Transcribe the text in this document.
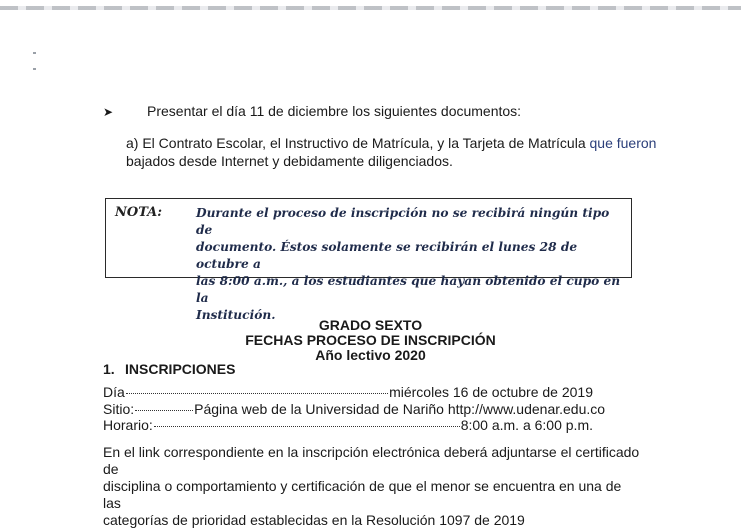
➤	Presentar el día 11 de diciembre los siguientes documentos:
a) El Contrato Escolar, el Instructivo de Matrícula, y la Tarjeta de Matrícula que fueron
bajados desde Internet y debidamente diligenciados.
NOTA:	Durante el proceso de inscripción no se recibirá ningún tipo de
documento. Éstos solamente se recibirán el lunes 28 de octubre a
las 8:00 a.m., a los estudiantes que hayan obtenido el cupo en la
Institución.
GRADO SEXTO
FECHAS PROCESO DE INSCRIPCIÓN
Año lectivo 2020
1. INSCRIPCIONES
Día	miércoles 16 de octubre de 2019
Sitio:	Página web de la Universidad de Nariño http://www.udenar.edu.co
Horario:	8:00 a.m. a 6:00 p.m.
En el link correspondiente en la inscripción electrónica deberá adjuntarse el certificado de
disciplina o comportamiento y certificación de que el menor se encuentra en una de las
categorías de prioridad establecidas en la Resolución 1097 de 2019
